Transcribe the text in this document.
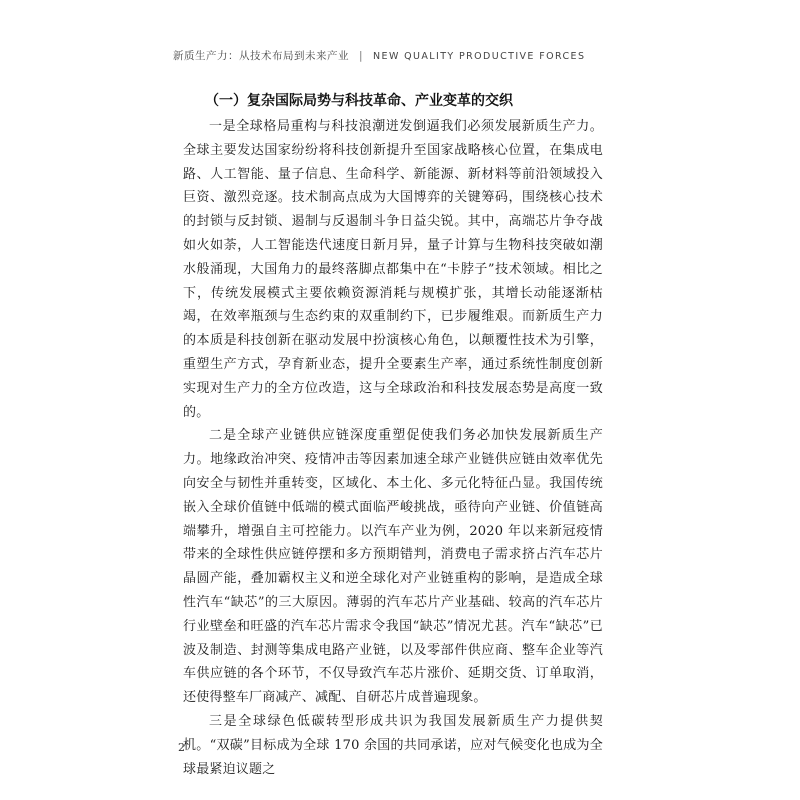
新质生产力：从技术布局到未来产业 | NEW QUALITY PRODUCTIVE FORCES
（一）复杂国际局势与科技革命、产业变革的交织

一是全球格局重构与科技浪潮迸发倒逼我们必须发展新质生产力。全球主要发达国家纷纷将科技创新提升至国家战略核心位置，在集成电路、人工智能、量子信息、生命科学、新能源、新材料等前沿领域投入巨资、激烈竞逐。技术制高点成为大国博弈的关键筹码，围绕核心技术的封锁与反封锁、遏制与反遏制斗争日益尖锐。其中，高端芯片争夺战如火如荼，人工智能迭代速度日新月异，量子计算与生物科技突破如潮水般涌现，大国角力的最终落脚点都集中在“卡脖子”技术领域。相比之下，传统发展模式主要依赖资源消耗与规模扩张，其增长动能逐渐枯竭，在效率瓶颈与生态约束的双重制约下，已步履维艰。而新质生产力的本质是科技创新在驱动发展中扮演核心角色，以颠覆性技术为引擎，重塑生产方式，孕育新业态，提升全要素生产率，通过系统性制度创新实现对生产力的全方位改造，这与全球政治和科技发展态势是高度一致的。

二是全球产业链供应链深度重塑促使我们务必加快发展新质生产力。地缘政治冲突、疫情冲击等因素加速全球产业链供应链由效率优先向安全与韧性并重转变，区域化、本土化、多元化特征凸显。我国传统嵌入全球价值链中低端的模式面临严峻挑战，亟待向产业链、价值链高端攀升，增强自主可控能力。以汽车产业为例，2020 年以来新冠疫情带来的全球性供应链停摆和多方预期错判，消费电子需求挤占汽车芯片晶圆产能，叠加霸权主义和逆全球化对产业链重构的影响，是造成全球性汽车“缺芯”的三大原因。薄弱的汽车芯片产业基础、较高的汽车芯片行业壁垒和旺盛的汽车芯片需求令我国“缺芯”情况尤甚。汽车“缺芯”已波及制造、封测等集成电路产业链，以及零部件供应商、整车企业等汽车供应链的各个环节，不仅导致汽车芯片涨价、延期交货、订单取消，还使得整车厂商减产、减配、自研芯片成普遍现象。

三是全球绿色低碳转型形成共识为我国发展新质生产力提供契机。“双碳”目标成为全球 170 余国的共同承诺，应对气候变化也成为全球最紧迫议题之

2
